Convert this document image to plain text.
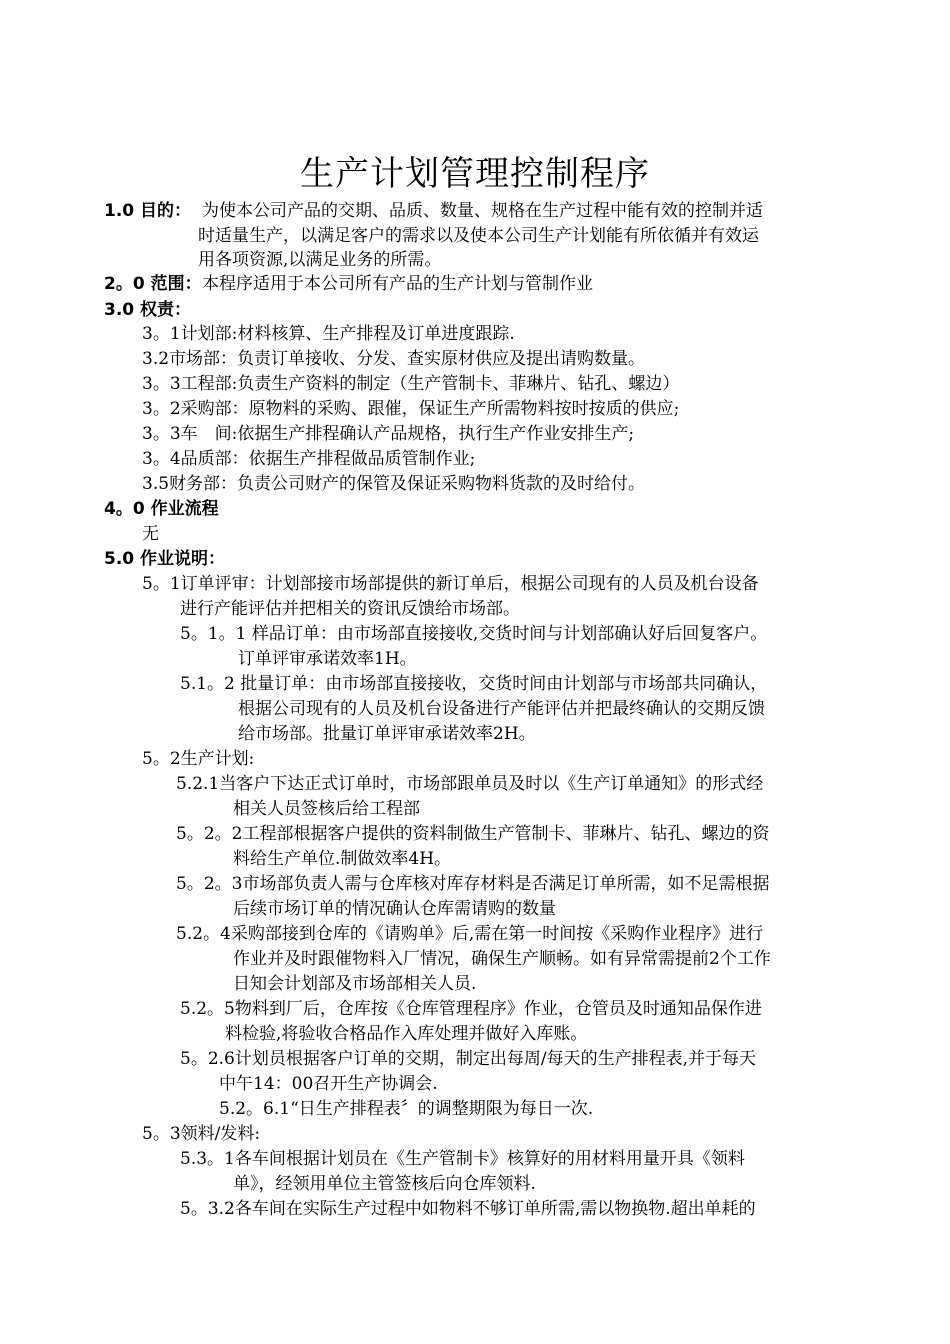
生产计划管理控制程序
1.0 目的： 为使本公司产品的交期、品质、数量、规格在生产过程中能有效的控制并适
时适量生产，以满足客户的需求以及使本公司生产计划能有所依循并有效运
用各项资源,以满足业务的所需。
2。0 范围： 本程序适用于本公司所有产品的生产计划与管制作业
3.0 权责：
3。1计划部:材料核算、生产排程及订单进度跟踪.
3.2市场部：负责订单接收、分发、查实原材供应及提出请购数量。
3。3工程部:负责生产资料的制定（生产管制卡、菲琳片、钻孔、螺边）
3。2采购部：原物料的采购、跟催，保证生产所需物料按时按质的供应;
3。3车　间:依据生产排程确认产品规格，执行生产作业安排生产;
3。4品质部：依据生产排程做品质管制作业;
3.5财务部：负责公司财产的保管及保证采购物料货款的及时给付。
4。0 作业流程
无
5.0 作业说明：
5。1订单评审：计划部接市场部提供的新订单后，根据公司现有的人员及机台设备
进行产能评估并把相关的资讯反馈给市场部。
5。1。1 样品订单：由市场部直接接收,交货时间与计划部确认好后回复客户。
订单评审承诺效率1H。
5.1。2 批量订单：由市场部直接接收，交货时间由计划部与市场部共同确认，
根据公司现有的人员及机台设备进行产能评估并把最终确认的交期反馈
给市场部。批量订单评审承诺效率2H。
5。2生产计划:
5.2.1当客户下达正式订单时，市场部跟单员及时以《生产订单通知》的形式经
相关人员签核后给工程部
5。2。2工程部根据客户提供的资料制做生产管制卡、菲琳片、钻孔、螺边的资
料给生产单位.制做效率4H。
5。2。3市场部负责人需与仓库核对库存材料是否满足订单所需，如不足需根据
后续市场订单的情况确认仓库需请购的数量
5.2。4采购部接到仓库的《请购单》后,需在第一时间按《采购作业程序》进行
作业并及时跟催物料入厂情况，确保生产顺畅。如有异常需提前2个工作
日知会计划部及市场部相关人员.
5.2。5物料到厂后，仓库按《仓库管理程序》作业，仓管员及时通知品保作进
料检验,将验收合格品作入库处理并做好入库账。
5。2.6计划员根据客户订单的交期，制定出每周/每天的生产排程表,并于每天
中午14：00召开生产协调会.
5.2。6.1“日生产排程表〞的调整期限为每日一次.
5。3领料/发料:
5.3。1各车间根据计划员在《生产管制卡》核算好的用材料用量开具《领料
单》，经领用单位主管签核后向仓库领料.
5。3.2各车间在实际生产过程中如物料不够订单所需,需以物换物.超出单耗的
